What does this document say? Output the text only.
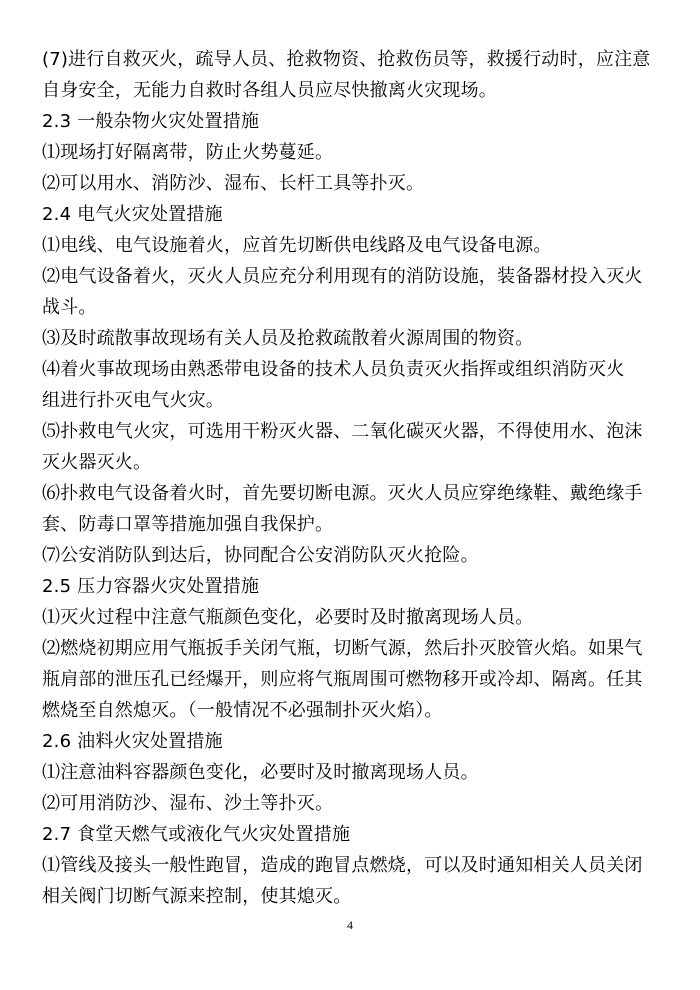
(7)进行自救灭火，疏导人员、抢救物资、抢救伤员等，救援行动时，应注意
自身安全，无能力自救时各组人员应尽快撤离火灾现场。
2.3 一般杂物火灾处置措施
⑴现场打好隔离带，防止火势蔓延。
⑵可以用水、消防沙、湿布、长杆工具等扑灭。
2.4 电气火灾处置措施
⑴电线、电气设施着火，应首先切断供电线路及电气设备电源。
⑵电气设备着火，灭火人员应充分利用现有的消防设施，装备器材投入灭火
战斗。
⑶及时疏散事故现场有关人员及抢救疏散着火源周围的物资。
⑷着火事故现场由熟悉带电设备的技术人员负责灭火指挥或组织消防灭火
组进行扑灭电气火灾。
⑸扑救电气火灾，可选用干粉灭火器、二氧化碳灭火器，不得使用水、泡沫
灭火器灭火。
⑹扑救电气设备着火时，首先要切断电源。灭火人员应穿绝缘鞋、戴绝缘手
套、防毒口罩等措施加强自我保护。
⑺公安消防队到达后，协同配合公安消防队灭火抢险。
2.5 压力容器火灾处置措施
⑴灭火过程中注意气瓶颜色变化，必要时及时撤离现场人员。
⑵燃烧初期应用气瓶扳手关闭气瓶，切断气源，然后扑灭胶管火焰。如果气
瓶肩部的泄压孔已经爆开，则应将气瓶周围可燃物移开或冷却、隔离。任其
燃烧至自然熄灭。（一般情况不必强制扑灭火焰）。
2.6 油料火灾处置措施
⑴注意油料容器颜色变化，必要时及时撤离现场人员。
⑵可用消防沙、湿布、沙土等扑灭。
2.7 食堂天燃气或液化气火灾处置措施
⑴管线及接头一般性跑冒，造成的跑冒点燃烧，可以及时通知相关人员关闭
相关阀门切断气源来控制，使其熄灭。
4
